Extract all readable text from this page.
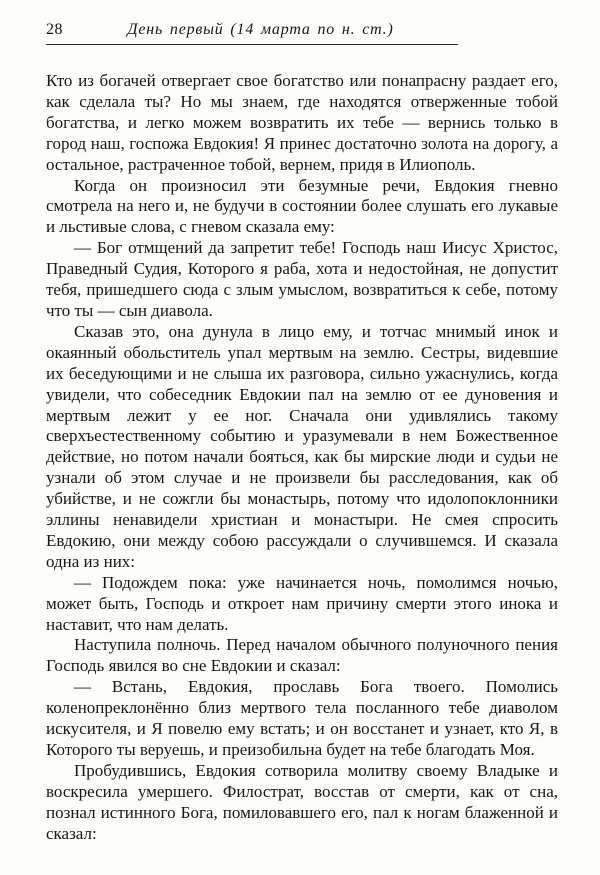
28	День первый (14 марта по н. ст.)

Кто из богачей отвергает свое богатство или понапрасну раздает его, как сделала ты? Но мы знаем, где находятся отверженные тобой богатства, и легко можем возвратить их тебе — вернись только в город наш, госпожа Евдокия! Я принес достаточно золота на дорогу, а остальное, растраченное тобой, вернем, придя в Илиополь.

Когда он произносил эти безумные речи, Евдокия гневно смотрела на него и, не будучи в состоянии более слушать его лукавые и льстивые слова, с гневом сказала ему:

— Бог отмщений да запретит тебе! Господь наш Иисус Христос, Праведный Судия, Которого я раба, хота и недостойная, не допустит тебя, пришедшего сюда с злым умыслом, возвратиться к себе, потому что ты — сын диавола.

Сказав это, она дунула в лицо ему, и тотчас мнимый инок и окаянный обольститель упал мертвым на землю. Сестры, видевшие их беседующими и не слыша их разговора, сильно ужаснулись, когда увидели, что собеседник Евдокии пал на землю от ее дуновения и мертвым лежит у ее ног. Сначала они удивлялись такому сверхъестественному событию и уразумевали в нем Божественное действие, но потом начали бояться, как бы мирские люди и судьи не узнали об этом случае и не произвели бы расследования, как об убийстве, и не сожгли бы монастырь, потому что идолопоклонники эллины ненавидели христиан и монастыри. Не смея спросить Евдокию, они между собою рассуждали о случившемся. И сказала одна из них:

— Подождем пока: уже начинается ночь, помолимся ночью, может быть, Господь и откроет нам причину смерти этого инока и наставит, что нам делать.

Наступила полночь. Перед началом обычного полуночного пения Господь явился во сне Евдокии и сказал:

— Встань, Евдокия, прославь Бога твоего. Помолись коленопреклонённо близ мертвого тела посланного тебе диаволом искусителя, и Я повелю ему встать; и он восстанет и узнает, кто Я, в Которого ты веруешь, и преизобильна будет на тебе благодать Моя.

Пробудившись, Евдокия сотворила молитву своему Владыке и воскресила умершего. Филострат, восстав от смерти, как от сна, познал истинного Бога, помиловавшего его, пал к ногам блаженной и сказал:
